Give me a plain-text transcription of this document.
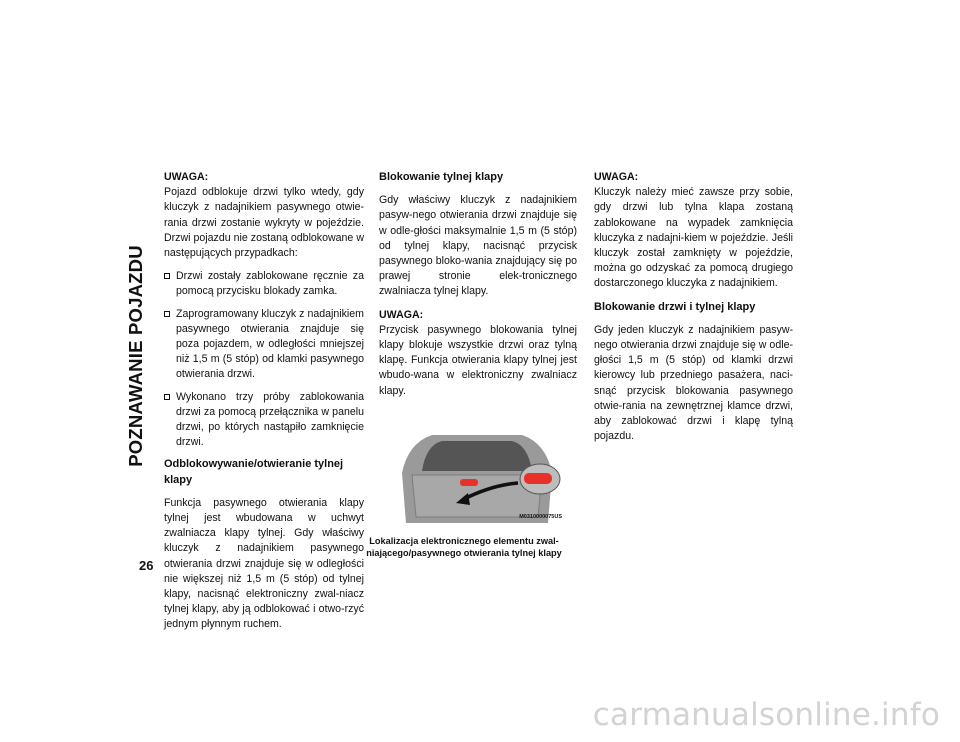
POZNAWANIE POJAZDU

UWAGA:

Pojazd odblokuje drzwi tylko wtedy, gdy kluczyk z nadajnikiem pasywnego otwie-rania drzwi zostanie wykryty w pojeździe. Drzwi pojazdu nie zostaną odblokowane w następujących przypadkach:

Drzwi zostały zablokowane ręcznie za pomocą przycisku blokady zamka.
Zaprogramowany kluczyk z nadajnikiem pasywnego otwierania znajduje się poza pojazdem, w odległości mniejszej niż 1,5 m (5 stóp) od klamki pasywnego otwierania drzwi.
Wykonano trzy próby zablokowania drzwi za pomocą przełącznika w panelu drzwi, po których nastąpiło zamknięcie drzwi.

Odblokowywanie/otwieranie tylnej klapy

Funkcja pasywnego otwierania klapy tylnej jest wbudowana w uchwyt zwalniacza klapy tylnej. Gdy właściwy kluczyk z nadajnikiem pasywnego otwierania drzwi znajduje się w odległości nie większej niż 1,5 m (5 stóp) od tylnej klapy, nacisnąć elektroniczny zwal-niacz tylnej klapy, aby ją odblokować i otwo-rzyć jednym płynnym ruchem.

Blokowanie tylnej klapy

Gdy właściwy kluczyk z nadajnikiem pasyw-nego otwierania drzwi znajduje się w odle-głości maksymalnie 1,5 m (5 stóp) od tylnej klapy, nacisnąć przycisk pasywnego bloko-wania znajdujący się po prawej stronie elek-tronicznego zwalniacza tylnej klapy.

UWAGA:

Przycisk pasywnego blokowania tylnej klapy blokuje wszystkie drzwi oraz tylną klapę. Funkcja otwierania klapy tylnej jest wbudo-wana w elektroniczny zwalniacz klapy.

M0310000075US
Lokalizacja elektronicznego elementu zwal-niającego/pasywnego otwierania tylnej klapy

UWAGA:

Kluczyk należy mieć zawsze przy sobie, gdy drzwi lub tylna klapa zostaną zablokowane na wypadek zamknięcia kluczyka z nadajni-kiem w pojeździe. Jeśli kluczyk został zamknięty w pojeździe, można go odzyskać za pomocą drugiego dostarczonego kluczyka z nadajnikiem.

Blokowanie drzwi i tylnej klapy

Gdy jeden kluczyk z nadajnikiem pasyw-nego otwierania drzwi znajduje się w odle-głości 1,5 m (5 stóp) od klamki drzwi kierowcy lub przedniego pasażera, naci-snąć przycisk blokowania pasywnego otwie-rania na zewnętrznej klamce drzwi, aby zablokować drzwi i klapę tylną pojazdu.

26
carmanualsonline.info
